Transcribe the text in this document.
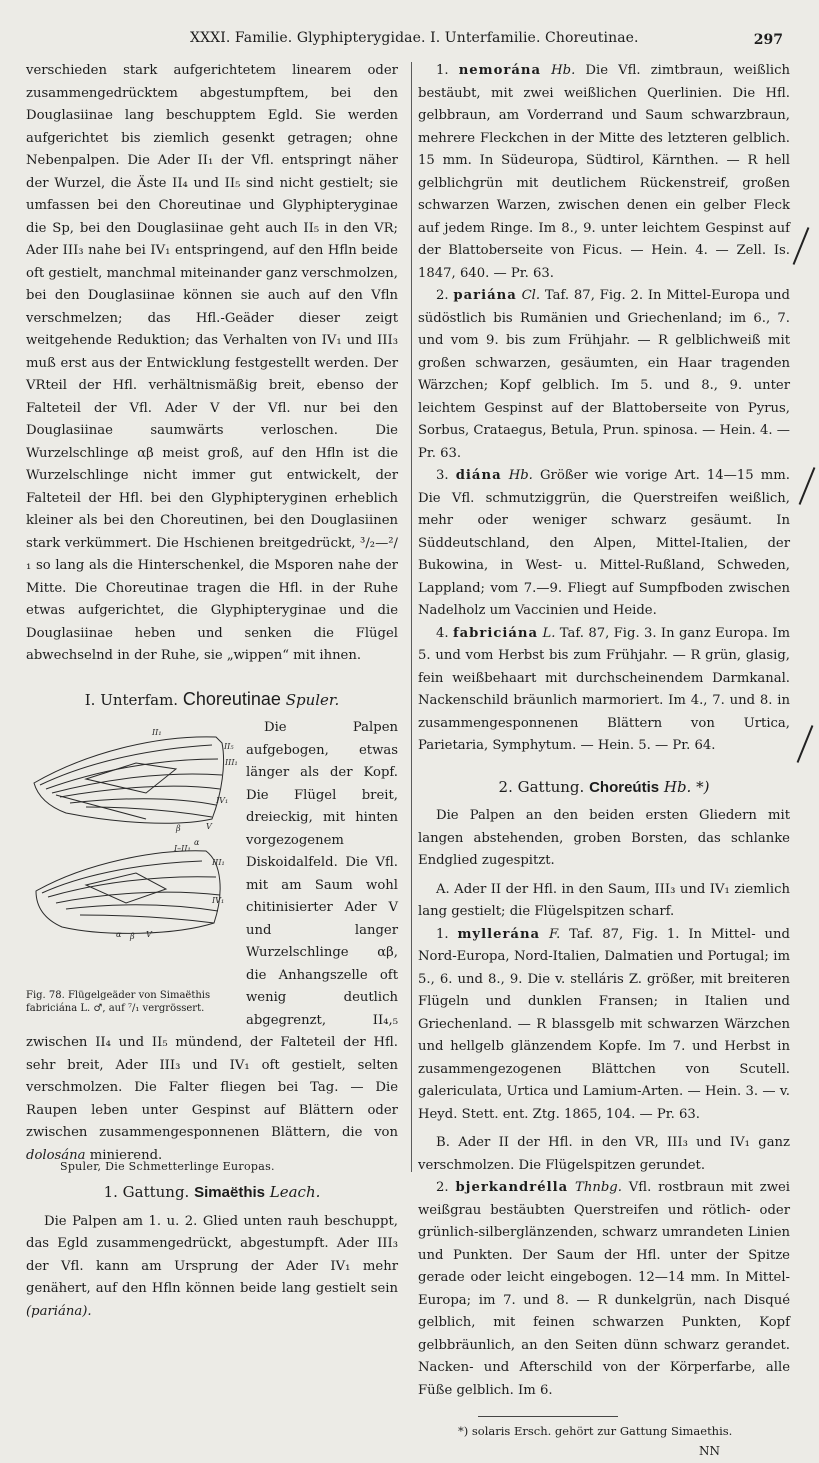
XXXI. Familie. Glyphipterygidae. I. Unterfamilie. Choreutinae.	297

verschieden stark aufgerichtetem linearem oder zusammengedrücktem abgestumpftem, bei den Douglasiinae lang beschupptem Egld. Sie werden aufgerichtet bis ziemlich gesenkt getragen; ohne Nebenpalpen. Die Ader II₁ der Vfl. entspringt näher der Wurzel, die Äste II₄ und II₅ sind nicht gestielt; sie umfassen bei den Choreutinae und Glyphipteryginae die Sp, bei den Douglasiinae geht auch II₅ in den VR; Ader III₃ nahe bei IV₁ entspringend, auf den Hfln beide oft gestielt, manchmal miteinander ganz verschmolzen, bei den Douglasiinae können sie auch auf den Vfln verschmelzen; das Hfl.-Geäder dieser zeigt weitgehende Reduktion; das Verhalten von IV₁ und III₃ muß erst aus der Entwicklung festgestellt werden. Der VRteil der Hfl. verhältnismäßig breit, ebenso der Falteteil der Vfl. Ader V der Vfl. nur bei den Douglasiinae saumwärts verloschen. Die Wurzelschlinge αβ meist groß, auf den Hfln ist die Wurzelschlinge nicht immer gut entwickelt, der Falteteil der Hfl. bei den Glyphipteryginen erheblich kleiner als bei den Choreutinen, bei den Douglasiinen stark verkümmert. Die Hschienen breitgedrückt, ³/₂—²/₁ so lang als die Hinterschenkel, die Msporen nahe der Mitte. Die Choreutinae tragen die Hfl. in der Ruhe etwas aufgerichtet, die Glyphipteryginae und die Douglasiinae heben und senken die Flügel abwechselnd in der Ruhe, sie „wippen“ mit ihnen.

I. Unterfam. Choreutinae Spuler.
II₁
II₅
III₁
IV₁
V
β
α
I–II₁
III₁
IV₁
V
α β
Fig. 78. Flügelgeäder von Simaëthis fabriciána L. ♂, auf ⁷/₁ vergrössert.

Die Palpen aufgebogen, etwas länger als der Kopf. Die Flügel breit, dreieckig, mit hinten vorgezogenem Diskoidalfeld. Die Vfl. mit am Saum wohl chitinisierter Ader V und langer Wurzelschlinge αβ, die Anhangszelle oft wenig deutlich abgegrenzt, II₄,₅ zwischen II₄ und II₅ mündend, der Falteteil der Hfl. sehr breit, Ader III₃ und IV₁ oft gestielt, selten verschmolzen. Die Falter fliegen bei Tag. — Die Raupen leben unter Gespinst auf Blättern oder zwischen zusammengesponnenen Blättern, die von dolosána minierend.

1. Gattung. Simaëthis Leach.

Die Palpen am 1. u. 2. Glied unten rauh beschuppt, das Egld zusammengedrückt, abgestumpft. Ader III₃ der Vfl. kann am Ursprung der Ader IV₁ mehr genähert, auf den Hfln können beide lang gestielt sein (pariána).

1. nemorána Hb. Die Vfl. zimtbraun, weißlich bestäubt, mit zwei weißlichen Querlinien. Die Hfl. gelbbraun, am Vorderrand und Saum schwarzbraun, mehrere Fleckchen in der Mitte des letzteren gelblich. 15 mm. In Südeuropa, Südtirol, Kärnthen. — R hell gelblichgrün mit deutlichem Rückenstreif, großen schwarzen Warzen, zwischen denen ein gelber Fleck auf jedem Ringe. Im 8., 9. unter leichtem Gespinst auf der Blattoberseite von Ficus. — Hein. 4. — Zell. Is. 1847, 640. — Pr. 63.

2. pariána Cl. Taf. 87, Fig. 2. In Mittel-Europa und südöstlich bis Rumänien und Griechenland; im 6., 7. und vom 9. bis zum Frühjahr. — R gelblichweiß mit großen schwarzen, gesäumten, ein Haar tragenden Wärzchen; Kopf gelblich. Im 5. und 8., 9. unter leichtem Gespinst auf der Blattoberseite von Pyrus, Sorbus, Crataegus, Betula, Prun. spinosa. — Hein. 4. — Pr. 63.

3. diána Hb. Größer wie vorige Art. 14—15 mm. Die Vfl. schmutziggrün, die Querstreifen weißlich, mehr oder weniger schwarz gesäumt. In Süddeutschland, den Alpen, Mittel-Italien, der Bukowina, in West- u. Mittel-Rußland, Schweden, Lappland; vom 7.—9. Fliegt auf Sumpfboden zwischen Nadelholz um Vaccinien und Heide.

4. fabriciána L. Taf. 87, Fig. 3. In ganz Europa. Im 5. und vom Herbst bis zum Frühjahr. — R grün, glasig, fein weißbehaart mit durchscheinendem Darmkanal. Nackenschild bräunlich marmoriert. Im 4., 7. und 8. in zusammengesponnenen Blättern von Urtica, Parietaria, Symphytum. — Hein. 5. — Pr. 64.

2. Gattung. Choreútis Hb. *)

Die Palpen an den beiden ersten Gliedern mit langen abstehenden, groben Borsten, das schlanke Endglied zugespitzt.

A. Ader II der Hfl. in den Saum, III₃ und IV₁ ziemlich lang gestielt; die Flügelspitzen scharf.

1. myllerána F. Taf. 87, Fig. 1. In Mittel- und Nord-Europa, Nord-Italien, Dalmatien und Portugal; im 5., 6. und 8., 9. Die v. stelláris Z. größer, mit breiteren Flügeln und dunklen Fransen; in Italien und Griechenland. — R blassgelb mit schwarzen Wärzchen und hellgelb glänzendem Kopfe. Im 7. und Herbst in zusammengezogenen Blättchen von Scutell. galericulata, Urtica und Lamium-Arten. — Hein. 3. — v. Heyd. Stett. ent. Ztg. 1865, 104. — Pr. 63.

B. Ader II der Hfl. in den VR, III₃ und IV₁ ganz verschmolzen. Die Flügelspitzen gerundet.

2. bjerkandrélla Thnbg. Vfl. rostbraun mit zwei weißgrau bestäubten Querstreifen und rötlich- oder grünlich-silberglänzenden, schwarz umrandeten Linien und Punkten. Der Saum der Hfl. unter der Spitze gerade oder leicht eingebogen. 12—14 mm. In Mittel-Europa; im 7. und 8. — R dunkelgrün, nach Disqué gelblich, mit feinen schwarzen Punkten, Kopf gelbbräunlich, an den Seiten dünn schwarz gerandet. Nacken- und Afterschild von der Körperfarbe, alle Füße gelblich. Im 6.

*) solaris Ersch. gehört zur Gattung Simaethis.

NN

Spuler, Die Schmetterlinge Europas.
